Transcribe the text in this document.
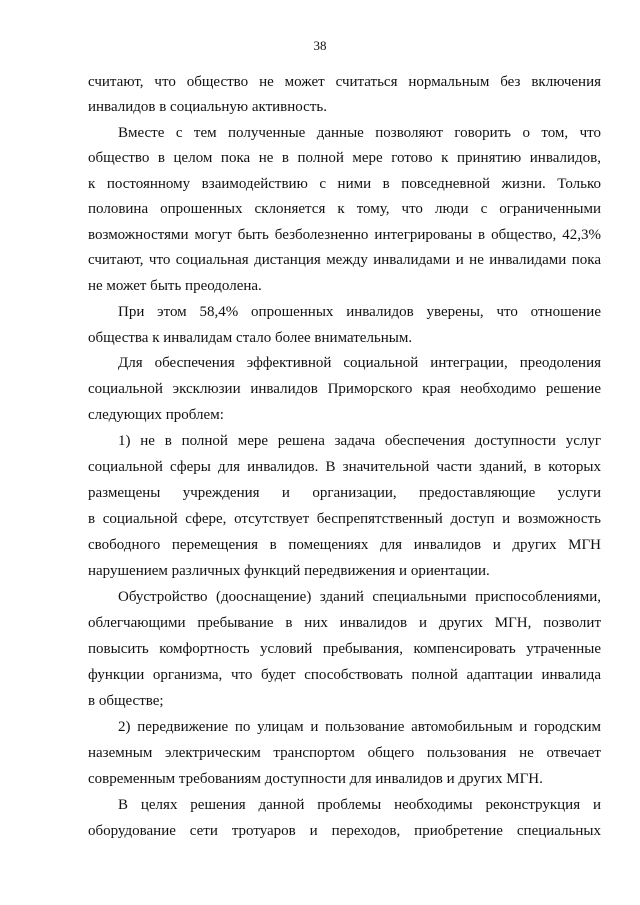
38
считают, что общество не может считаться нормальным без включения
инвалидов в социальную активность.
Вместе с тем полученные данные позволяют говорить о том, что
общество в целом пока не в полной мере готово к принятию инвалидов,
к постоянному взаимодействию с ними в повседневной жизни. Только
половина опрошенных склоняется к тому, что люди с ограниченными
возможностями могут быть безболезненно интегрированы в общество, 42,3%
считают, что социальная дистанция между инвалидами и не инвалидами пока
не может быть преодолена.
При этом 58,4% опрошенных инвалидов уверены, что отношение
общества к инвалидам стало более внимательным.
Для обеспечения эффективной социальной интеграции, преодоления
социальной эксклюзии инвалидов Приморского края необходимо решение
следующих проблем:
1) не в полной мере решена задача обеспечения доступности услуг
социальной сферы для инвалидов. В значительной части зданий, в которых
размещены учреждения и организации, предоставляющие услуги
в социальной сфере, отсутствует беспрепятственный доступ и возможность
свободного перемещения в помещениях для инвалидов и других МГН
нарушением различных функций передвижения и ориентации.
Обустройство (дооснащение) зданий специальными приспособлениями,
облегчающими пребывание в них инвалидов и других МГН, позволит
повысить комфортность условий пребывания, компенсировать утраченные
функции организма, что будет способствовать полной адаптации инвалида
в обществе;
2) передвижение по улицам и пользование автомобильным и городским
наземным электрическим транспортом общего пользования не отвечает
современным требованиям доступности для инвалидов и других МГН.
В целях решения данной проблемы необходимы реконструкция и
оборудование сети тротуаров и переходов, приобретение специальных
